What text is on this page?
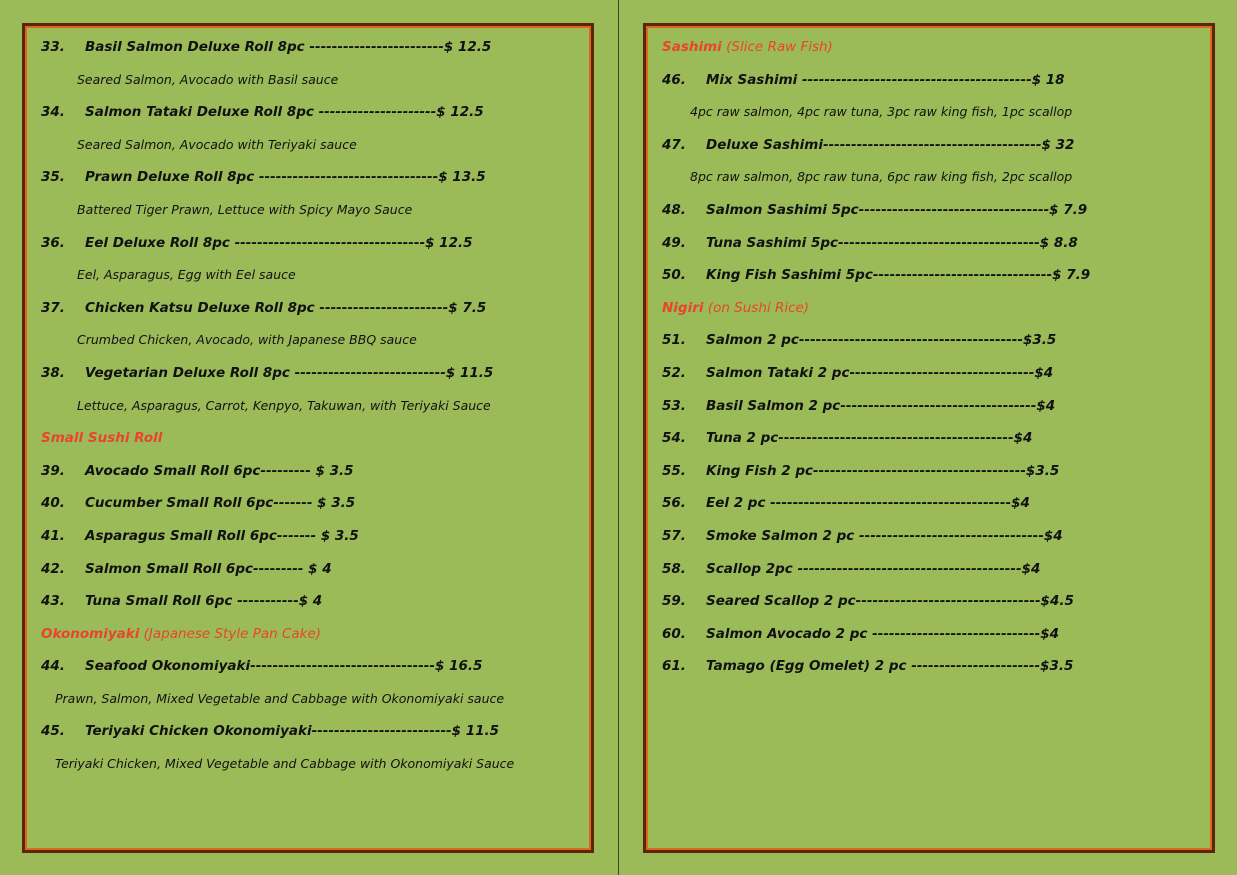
33. Basil Salmon Deluxe Roll 8pc ------------------------$ 12.5
Seared Salmon, Avocado with Basil sauce
34. Salmon Tataki Deluxe Roll 8pc ---------------------$ 12.5
Seared Salmon, Avocado with Teriyaki sauce
35. Prawn Deluxe Roll 8pc --------------------------------$ 13.5
Battered Tiger Prawn, Lettuce with Spicy Mayo Sauce
36. Eel Deluxe Roll 8pc ----------------------------------$ 12.5
Eel, Asparagus, Egg with Eel sauce
37. Chicken Katsu Deluxe Roll 8pc -----------------------$ 7.5
Crumbed Chicken, Avocado, with Japanese BBQ sauce
38. Vegetarian Deluxe Roll 8pc ---------------------------$ 11.5
Lettuce, Asparagus, Carrot, Kenpyo, Takuwan, with Teriyaki Sauce
Small Sushi Roll
39. Avocado Small Roll 6pc--------- $ 3.5
40. Cucumber Small Roll 6pc------- $ 3.5
41. Asparagus Small Roll 6pc------- $ 3.5
42. Salmon Small Roll 6pc--------- $ 4
43. Tuna Small Roll 6pc -----------$ 4
Okonomiyaki (Japanese Style Pan Cake)
44. Seafood Okonomiyaki---------------------------------$ 16.5
Prawn, Salmon, Mixed Vegetable and Cabbage with Okonomiyaki sauce
45. Teriyaki Chicken Okonomiyaki-------------------------$ 11.5
Teriyaki Chicken, Mixed Vegetable and Cabbage with Okonomiyaki Sauce
Sashimi (Slice Raw Fish)
46. Mix Sashimi -----------------------------------------$ 18
4pc raw salmon, 4pc raw tuna, 3pc raw king fish, 1pc scallop
47. Deluxe Sashimi---------------------------------------$ 32
8pc raw salmon, 8pc raw tuna, 6pc raw king fish, 2pc scallop
48. Salmon Sashimi 5pc----------------------------------$ 7.9
49. Tuna Sashimi 5pc------------------------------------$ 8.8
50. King Fish Sashimi 5pc--------------------------------$ 7.9
Nigiri (on Sushi Rice)
51. Salmon 2 pc----------------------------------------$3.5
52. Salmon Tataki 2 pc---------------------------------$4
53. Basil Salmon 2 pc-----------------------------------$4
54. Tuna 2 pc------------------------------------------$4
55. King Fish 2 pc--------------------------------------$3.5
56. Eel 2 pc -------------------------------------------$4
57. Smoke Salmon 2 pc ---------------------------------$4
58. Scallop 2pc ----------------------------------------$4
59. Seared Scallop 2 pc---------------------------------$4.5
60. Salmon Avocado 2 pc ------------------------------$4
61. Tamago (Egg Omelet) 2 pc -----------------------$3.5
